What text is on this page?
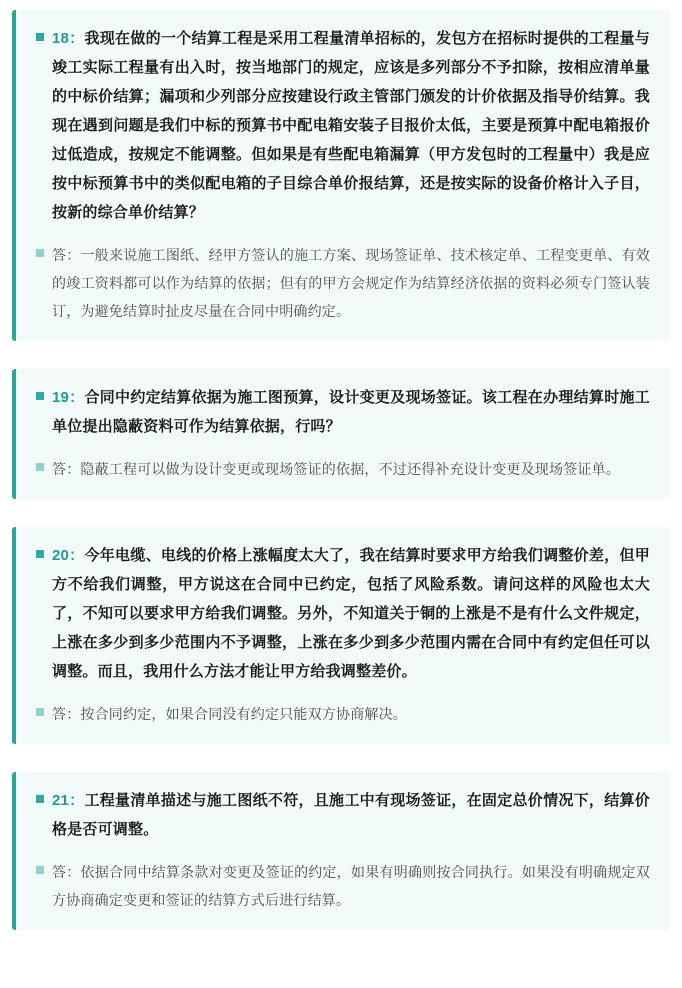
18：我现在做的一个结算工程是采用工程量清单招标的，发包方在招标时提供的工程量与竣工实际工程量有出入时，按当地部门的规定，应该是多列部分不予扣除，按相应清单量的中标价结算；漏项和少列部分应按建设行政主管部门颁发的计价依据及指导价结算。我现在遇到问题是我们中标的预算书中配电箱安装子目报价太低，主要是预算中配电箱报价过低造成，按规定不能调整。但如果是有些配电箱漏算（甲方发包时的工程量中）我是应按中标预算书中的类似配电箱的子目综合单价报结算，还是按实际的设备价格计入子目，按新的综合单价结算？
答：一般来说施工图纸、经甲方签认的施工方案、现场签证单、技术核定单、工程变更单、有效的竣工资料都可以作为结算的依据；但有的甲方会规定作为结算经济依据的资料必须专门签认装订，为避免结算时扯皮尽量在合同中明确约定。
19：合同中约定结算依据为施工图预算，设计变更及现场签证。该工程在办理结算时施工单位提出隐蔽资料可作为结算依据，行吗？
答：隐蔽工程可以做为设计变更或现场签证的依据，不过还得补充设计变更及现场签证单。
20：今年电缆、电线的价格上涨幅度太大了，我在结算时要求甲方给我们调整价差，但甲方不给我们调整，甲方说这在合同中已约定，包括了风险系数。请问这样的风险也太大了，不知可以要求甲方给我们调整。另外，不知道关于铜的上涨是不是有什么文件规定，上涨在多少到多少范围内不予调整，上涨在多少到多少范围内需在合同中有约定但任可以调整。而且，我用什么方法才能让甲方给我调整差价。
答：按合同约定，如果合同没有约定只能双方协商解决。
21：工程量清单描述与施工图纸不符，且施工中有现场签证，在固定总价情况下，结算价格是否可调整。
答：依据合同中结算条款对变更及签证的约定，如果有明确则按合同执行。如果没有明确规定双方协商确定变更和签证的结算方式后进行结算。
